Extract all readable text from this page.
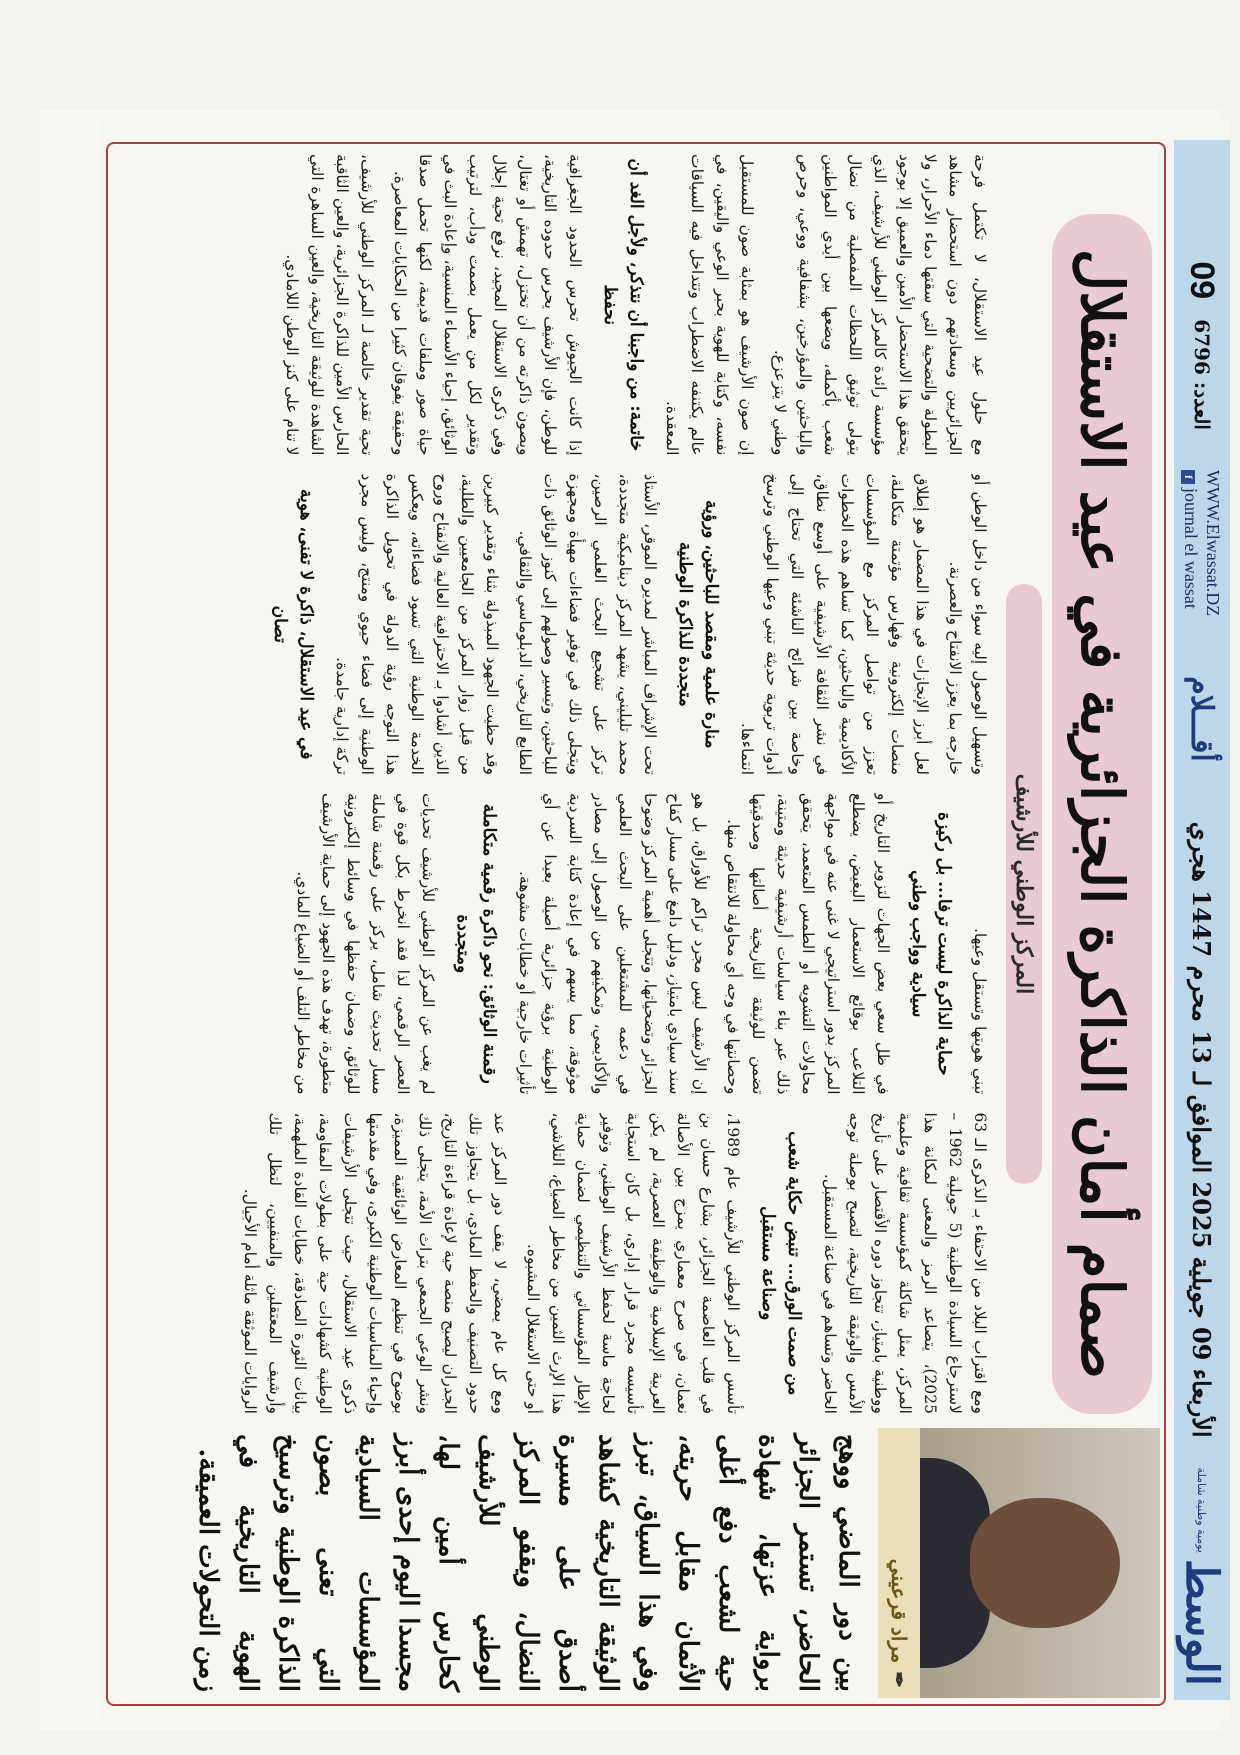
الوسط
يومية وطنية شاملة
الأربعاء 09 جويلية 2025 الموافق لـ 13 محرم 1447 هجري
أقـــلام
WWW.Elwassat.DZ
fjournal el wassat
العدد: 6796
09
✒
مراد قرعيني
بين دور الماضي ووهج الحاضر، تستمر الجزائر برواية عزتها، شهادة حية لشعب دفع أغلى الأثمان مقابل حريته، وفي هذا السياق، تبرز الوثيقة التاريخية كشاهد أصدق على مسيرة النضال، ويقفو المركز الوطني للأرشيف كحارس أمين لها، مجسدا اليوم إحدى أبرز المؤسسات السيادية التي تعنى بصون الذاكرة الوطنية وترسيخ الهوية التاريخية في زمن التحولات العميقة.
صمام أمان الذاكرة الجزائرية في عيد الاستقلال
المركز الوطني للأرشيف

ومع اقتراب البلاد من الاحتفاء بـ الذكرى الـ 63 لاسترجاع السيادة الوطنية (5 جويلية 1962 – 2025)، يتصاعد الرمز والمعنى لمكانة هذا المركز، يمثل شاكلة كمؤسسة ثقافية وعلمية ووطنية بامتياز، تتجاوز دوره الأقتصار على تأريخ الأمس والوثيقة التاريخية، لتصبح بوصلة توجه الحاضر وتساهم في صناعة المستقبل.

من صمت الورق... تنبض حكاية شعب وصناعة مستقبل

تأسس المركز الوطني للأرشيف عام 1989، في قلب العاصمة الجزائر، بشارع حسان بن نعمان، في صرح معماري يمزج بين الأصالة العربية الإسلامية والوظيفة العصرية، لم يكن تأسيسه مجرد قرار إداري، بل كان استجابة لحاجة ماسة لحفظ الأرشيف الوطني، وتوفير الإطار المؤسساتي والتنظيمي لضمان حماية هذا الإرث الثمين من مخاطر الضياع، التلاشي، أو حتى الاستغلال المشبوه.

ومع كل عام يمضي، لا يقف دور المركز عند حدود التصنيف والحفظ المادي، بل يتجاوز تلك الجدران ليصبح منصة حية لإعادة قراءة التاريخ، ونشر الوعي الجمعي بتراث الأمة، يتجلى ذلك بوضوح في تنظيم المعارض الوثائقية المميزة، وإحياء المناسبات الوطنية الكبرى، وفي مقدمتها ذكرى عيد الاستقلال، حيث تتجلى الأرشيفات الوطنية كشهادات حية على بطولات المقاومة، بيانات الثورة الصادقة، خطابات القادة الملهمة، وأرشيف المعتقلين والمنفيين، لتظل تلك الروايات الموثقة ماثلة أمام الأجيال.

تبني هويتها وتستقل وعيها.

حماية الذاكرة ليست ترفا... بل ركيزة سيادية وواجب وطني

في ظل سعي بعض الجهات لتزوير التاريخ أو التلاعب بوقائع الاستعمار البغيض، يضطلع المركز بدور استراتيجي لا غنى عنه في مواجهة محاولات التشويه أو الطمس المتعمد، يتحقق ذلك عبر بناء سياسات أرشيفية حديثة ومتينة، تضمن للوثيقة التاريخية أصالتها وصدقيتها وحصانتها في وجه أي محاولة للانتقاص منها.

إن الأرشيف ليس مجرد تراكم للأوراق، بل هو سند سيادي بامتياز، ودليل دامغ على مسار كفاح الجزائر وتضحياتها، وتتجلى أهمية المركز وضوحا في دعمه للمشتغلين على البحث العلمي والأكاديمي، وتمكينهم من الوصول إلى مصادر موثوقة، مما يسهم في إعادة كتابة السردية الوطنية برؤية جزائرية أصيلة بعيدا عن أي تأثيرات خارجية أو خطابات مشوهة.

رقمنة الوثائق: نحو ذاكرة رقمية متكاملة ومتجددة

لم يغب عن المركز الوطني للأرشيف تحديات العصر الرقمي، لذا فقد انخرط بكل قوة في مسار تحديث شامل، يركز على رقمنة شاملة للوثائق، وضمان حفظها في وسائط إلكترونية متطورة، تهدف هذه الجهود إلى حماية الأرشيف من مخاطر التلف أو الضياع المادي.

وتسهيل الوصول إليه سواء من داخل الوطن أو خارجه بما يعزز الانفتاح والعصرنة.

لعل أبرز الإنجازات في هذا المضمار هو إطلاق منصات إلكترونية وفهارس مؤتمتة متكاملة، تعزز من تواصل المركز مع المؤسسات الأكاديمية والباحثين، كما تساهم هذه الخطوات في نشر الثقافة الأرشيفية على أوسع نطاق، وخاصة بين شرائح الناشئة التي تحتاج إلى أدوات تربوية حديثة تبني وعيها الوطني وترسخ انتماءها.

منارة علمية ومقصد للباحثين، ورؤية متجددة للذاكرة الوطنية

تحت الإشراف المباشر لمديره الموقر، الأستاذ محمد تليليني، يشهد المركز ديناميكية متجددة، تركز على تشجيع البحث العلمي الرصين، ويتجلى ذلك في توفير فضاءات مهيأة ومجهزة للباحثين، وتيسير وصولهم إلى كنوز الوثائق ذات الطابع التاريخي، الدبلوماسي والثقافي.

وقد حظيت الجهود المبذولة بثناء وتقدير كبيرين من قبل زوار المركز من الجامعيين والطلبة، الذين أشادوا بـ الاحترافية العالية والانفتاح وروح الخدمة الوطنية التي تسود فضاءاته، ويعكس هذا التوجه رؤية الدولة في تحويل الذاكرة الوطنية إلى فضاء حيوي ومنتج، وليس مجرد تركة إدارية جامدة.

في عيد الاستقلال، ذاكرة لا تفنى، هوية تصان

مع حلول عيد الاستقلال، لا تكتمل فرحة الجزائريين وسعادتهم دون استحضار مشاهد البطولة والتضحية التي سقتها دماء الأحرار، ولا يتحقق هذا الاستحضار الأمين والعميق إلا بوجود مؤسسة رائدة كالمركز الوطني للأرشيف، الذي يتولى توثيق اللحظات المفصلية من نضال شعب بأكمله، ويضعها بين أيدي المواطنين والباحثين والمؤرخين، بشفافية ووعي، وحرص وطني لا يتزعزع.

إن صون الأرشيف هو بمثابة صون للمستقبل نفسه، وكتابة للهوية بحبر الوعي واليقين، في عالم يكتنفه الاضطراب وتتداخل فيه السياقات المعقدة.

خاتمة: من واجبنا أن نتذكر، ولأجل الغد أن نحفظ

إذا كانت الجيوش تحرس الحدود الجغرافية للوطن، فإن الأرشيف يحرس حدوده التاريخية، ويصون ذاكرته من أن تختزل، تهمش أو تغتال، وفي ذكرى الاستقلال المجيد، نرفع تحية إجلال وتقدير لكل من يعمل بصمت ودأب، لترتيب الوثائق، إحياء الأسماء المنسية، وإعادة البث في حياة صور وملفات قديمة، لكنها تحمل صدقا وحقيقة يفوقان كثيرا من الحكايات المعاصرة.

تحية تقدير خالصة لـ المركز الوطني للأرشيف، الحارس الأمين للذاكرة الجزائرية، والعين الثاقبة الشاهدة للوثيقة التاريخية، والعين الساهرة التي لا تنام على كنز الوطن اللامادي.
